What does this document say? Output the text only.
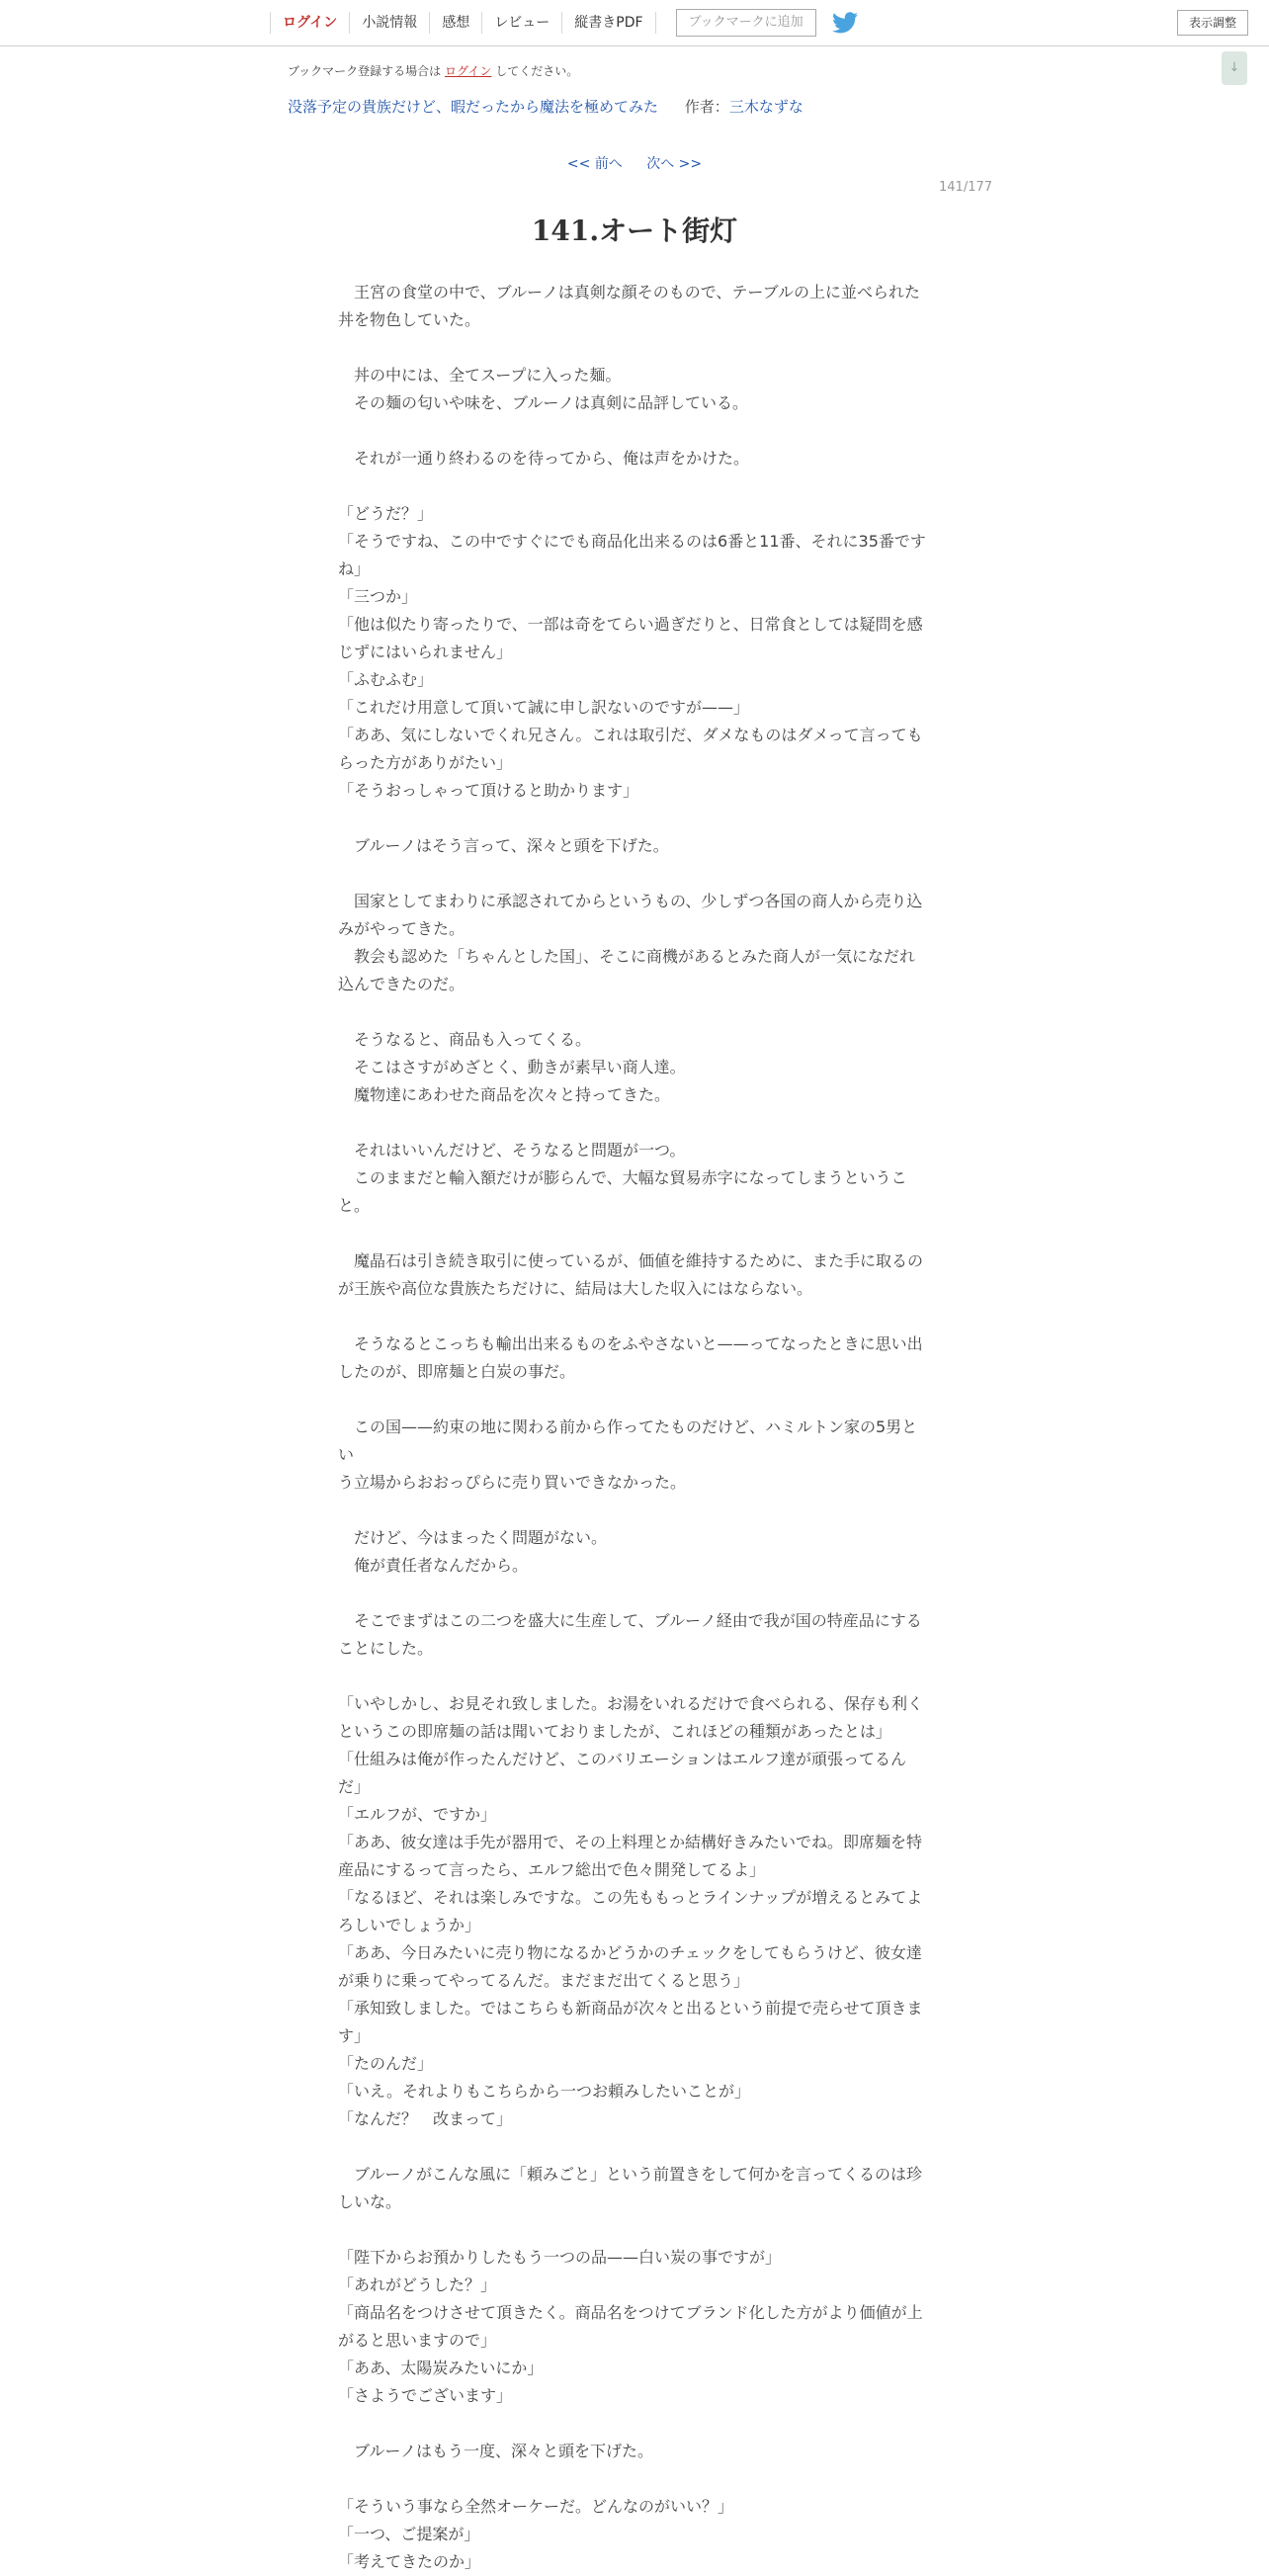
ログイン	小説情報	感想	レビュー	縦書きPDF	ブックマークに追加	表示調整
↓
ブックマーク登録する場合は ログイン してください。
没落予定の貴族だけど、暇だったから魔法を極めてみた 作者：三木なずな
<< 前へ 次へ >>
141/177
141.オート街灯

　王宮の食堂の中で、ブルーノは真剣な顔そのもので、テーブルの上に並べられた

丼を物色していた。

　丼の中には、全てスープに入った麺。

　その麺の匂いや味を、ブルーノは真剣に品評している。

　それが一通り終わるのを待ってから、俺は声をかけた。

「どうだ？」

「そうですね、この中ですぐにでも商品化出来るのは6番と11番、それに35番です

ね」

「三つか」

「他は似たり寄ったりで、一部は奇をてらい過ぎだりと、日常食としては疑問を感

じずにはいられません」

「ふむふむ」

「これだけ用意して頂いて誠に申し訳ないのですが——」

「ああ、気にしないでくれ兄さん。これは取引だ、ダメなものはダメって言っても

らった方がありがたい」

「そうおっしゃって頂けると助かります」

　ブルーノはそう言って、深々と頭を下げた。

　国家としてまわりに承認されてからというもの、少しずつ各国の商人から売り込

みがやってきた。

　教会も認めた「ちゃんとした国」、そこに商機があるとみた商人が一気になだれ

込んできたのだ。

　そうなると、商品も入ってくる。

　そこはさすがめざとく、動きが素早い商人達。

　魔物達にあわせた商品を次々と持ってきた。

　それはいいんだけど、そうなると問題が一つ。

　このままだと輸入額だけが膨らんで、大幅な貿易赤字になってしまうというこ

と。

　魔晶石は引き続き取引に使っているが、価値を維持するために、また手に取るの

が王族や高位な貴族たちだけに、結局は大した収入にはならない。

　そうなるとこっちも輸出出来るものをふやさないと——ってなったときに思い出

したのが、即席麺と白炭の事だ。

　この国——約束の地に関わる前から作ってたものだけど、ハミルトン家の5男とい

う立場からおおっぴらに売り買いできなかった。

　だけど、今はまったく問題がない。

　俺が責任者なんだから。

　そこでまずはこの二つを盛大に生産して、ブルーノ経由で我が国の特産品にする

ことにした。

「いやしかし、お見それ致しました。お湯をいれるだけで食べられる、保存も利く

というこの即席麺の話は聞いておりましたが、これほどの種類があったとは」

「仕組みは俺が作ったんだけど、このバリエーションはエルフ達が頑張ってるん

だ」

「エルフが、ですか」

「ああ、彼女達は手先が器用で、その上料理とか結構好きみたいでね。即席麺を特

産品にするって言ったら、エルフ総出で色々開発してるよ」

「なるほど、それは楽しみですな。この先ももっとラインナップが増えるとみてよ

ろしいでしょうか」

「ああ、今日みたいに売り物になるかどうかのチェックをしてもらうけど、彼女達

が乗りに乗ってやってるんだ。まだまだ出てくると思う」

「承知致しました。ではこちらも新商品が次々と出るという前提で売らせて頂きま

す」

「たのんだ」

「いえ。それよりもこちらから一つお頼みしたいことが」

「なんだ？　改まって」

　ブルーノがこんな風に「頼みごと」という前置きをして何かを言ってくるのは珍

しいな。

「陛下からお預かりしたもう一つの品——白い炭の事ですが」

「あれがどうした？」

「商品名をつけさせて頂きたく。商品名をつけてブランド化した方がより価値が上

がると思いますので」

「ああ、太陽炭みたいにか」

「さようでございます」

　ブルーノはもう一度、深々と頭を下げた。

「そういう事なら全然オーケーだ。どんなのがいい？」

「一つ、ご提案が」

「考えてきたのか」
